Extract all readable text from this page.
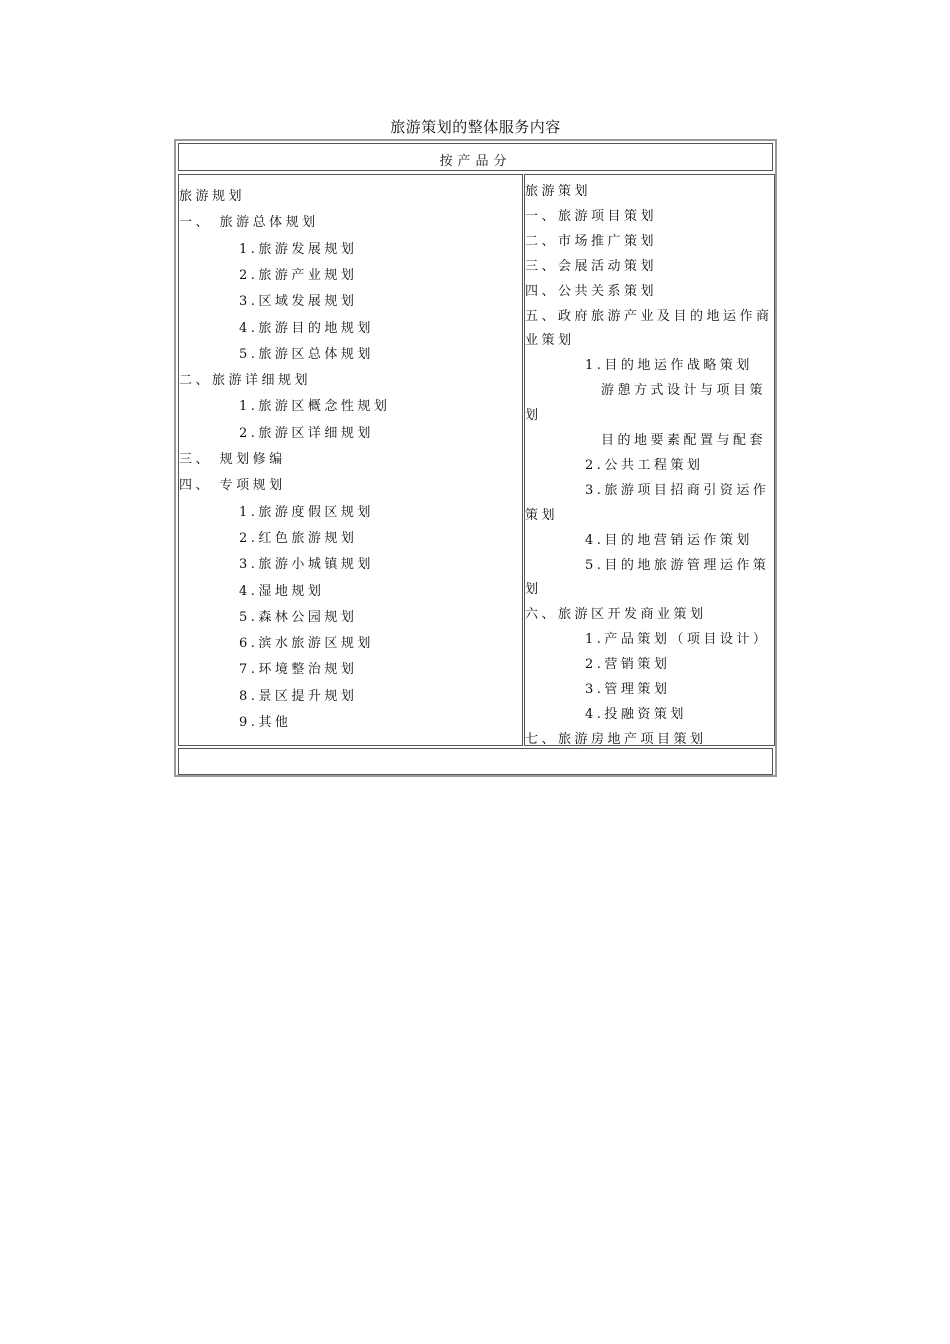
旅游策划的整体服务内容
按产品分
旅游规划
一、 旅游总体规划
1.旅游发展规划
2.旅游产业规划
3.区域发展规划
4.旅游目的地规划
5.旅游区总体规划
二、旅游详细规划
1.旅游区概念性规划
2.旅游区详细规划
三、 规划修编
四、 专项规划
1.旅游度假区规划
2.红色旅游规划
3.旅游小城镇规划
4.湿地规划
5.森林公园规划
6.滨水旅游区规划
7.环境整治规划
8.景区提升规划
9.其他
旅游策划
一、旅游项目策划
二、市场推广策划
三、会展活动策划
四、公共关系策划
五、政府旅游产业及目的地运作商
业策划
1.目的地运作战略策划
游憩方式设计与项目策
划
目的地要素配置与配套
2.公共工程策划
3.旅游项目招商引资运作
策划
4.目的地营销运作策划
5.目的地旅游管理运作策
划
六、旅游区开发商业策划
1.产品策划（项目设计）
2.营销策划
3.管理策划
4.投融资策划
七、旅游房地产项目策划
